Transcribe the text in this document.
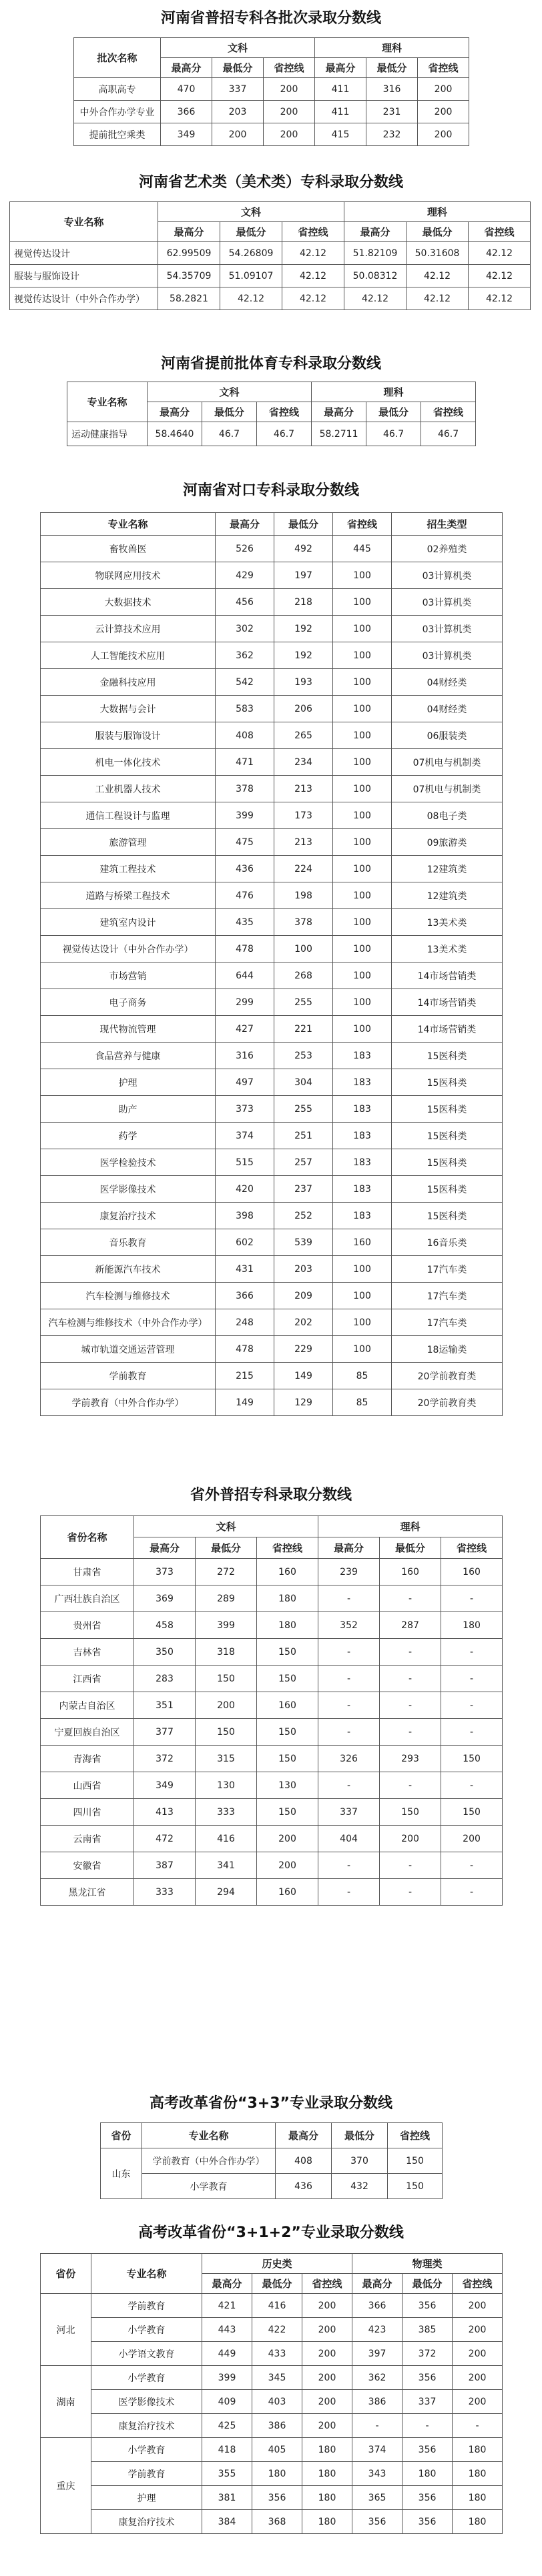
河南省普招专科各批次录取分数线
批次名称	文科			理科		
	最高分	最低分	省控线	最高分	最低分	省控线
高职高专	470	337	200	411	316	200
中外合作办学专业	366	203	200	411	231	200
提前批空乘类	349	200	200	415	232	200
河南省艺术类（美术类）专科录取分数线
专业名称	文科			理科		
	最高分	最低分	省控线	最高分	最低分	省控线
视觉传达设计	62.99509	54.26809	42.12	51.82109	50.31608	42.12
服装与服饰设计	54.35709	51.09107	42.12	50.08312	42.12	42.12
视觉传达设计（中外合作办学）	58.2821	42.12	42.12	42.12	42.12	42.12
河南省提前批体育专科录取分数线
专业名称	文科			理科		
	最高分	最低分	省控线	最高分	最低分	省控线
运动健康指导	58.4640	46.7	46.7	58.2711	46.7	46.7
河南省对口专科录取分数线
专业名称	最高分	最低分	省控线	招生类型
畜牧兽医	526	492	445	02养殖类
物联网应用技术	429	197	100	03计算机类
大数据技术	456	218	100	03计算机类
云计算技术应用	302	192	100	03计算机类
人工智能技术应用	362	192	100	03计算机类
金融科技应用	542	193	100	04财经类
大数据与会计	583	206	100	04财经类
服装与服饰设计	408	265	100	06服装类
机电一体化技术	471	234	100	07机电与机制类
工业机器人技术	378	213	100	07机电与机制类
通信工程设计与监理	399	173	100	08电子类
旅游管理	475	213	100	09旅游类
建筑工程技术	436	224	100	12建筑类
道路与桥梁工程技术	476	198	100	12建筑类
建筑室内设计	435	378	100	13美术类
视觉传达设计（中外合作办学）	478	100	100	13美术类
市场营销	644	268	100	14市场营销类
电子商务	299	255	100	14市场营销类
现代物流管理	427	221	100	14市场营销类
食品营养与健康	316	253	183	15医科类
护理	497	304	183	15医科类
助产	373	255	183	15医科类
药学	374	251	183	15医科类
医学检验技术	515	257	183	15医科类
医学影像技术	420	237	183	15医科类
康复治疗技术	398	252	183	15医科类
音乐教育	602	539	160	16音乐类
新能源汽车技术	431	203	100	17汽车类
汽车检测与维修技术	366	209	100	17汽车类
汽车检测与维修技术（中外合作办学）	248	202	100	17汽车类
城市轨道交通运营管理	478	229	100	18运输类
学前教育	215	149	85	20学前教育类
学前教育（中外合作办学）	149	129	85	20学前教育类
省外普招专科录取分数线
省份名称	文科			理科		
	最高分	最低分	省控线	最高分	最低分	省控线
甘肃省	373	272	160	239	160	160
广西壮族自治区	369	289	180	-	-	-
贵州省	458	399	180	352	287	180
吉林省	350	318	150	-	-	-
江西省	283	150	150	-	-	-
内蒙古自治区	351	200	160	-	-	-
宁夏回族自治区	377	150	150	-	-	-
青海省	372	315	150	326	293	150
山西省	349	130	130	-	-	-
四川省	413	333	150	337	150	150
云南省	472	416	200	404	200	200
安徽省	387	341	200	-	-	-
黑龙江省	333	294	160	-	-	-
高考改革省份“3+3”专业录取分数线
省份	专业名称	最高分	最低分	省控线
山东	学前教育（中外合作办学）	408	370	150
	小学教育	436	432	150
高考改革省份“3+1+2”专业录取分数线
省份	专业名称	历史类			物理类		
		最高分	最低分	省控线	最高分	最低分	省控线
河北	学前教育	421	416	200	366	356	200
	小学教育	443	422	200	423	385	200
	小学语文教育	449	433	200	397	372	200
湖南	小学教育	399	345	200	362	356	200
	医学影像技术	409	403	200	386	337	200
	康复治疗技术	425	386	200	-	-	-
重庆	小学教育	418	405	180	374	356	180
	学前教育	355	180	180	343	180	180
	护理	381	356	180	365	356	180
	康复治疗技术	384	368	180	356	356	180
